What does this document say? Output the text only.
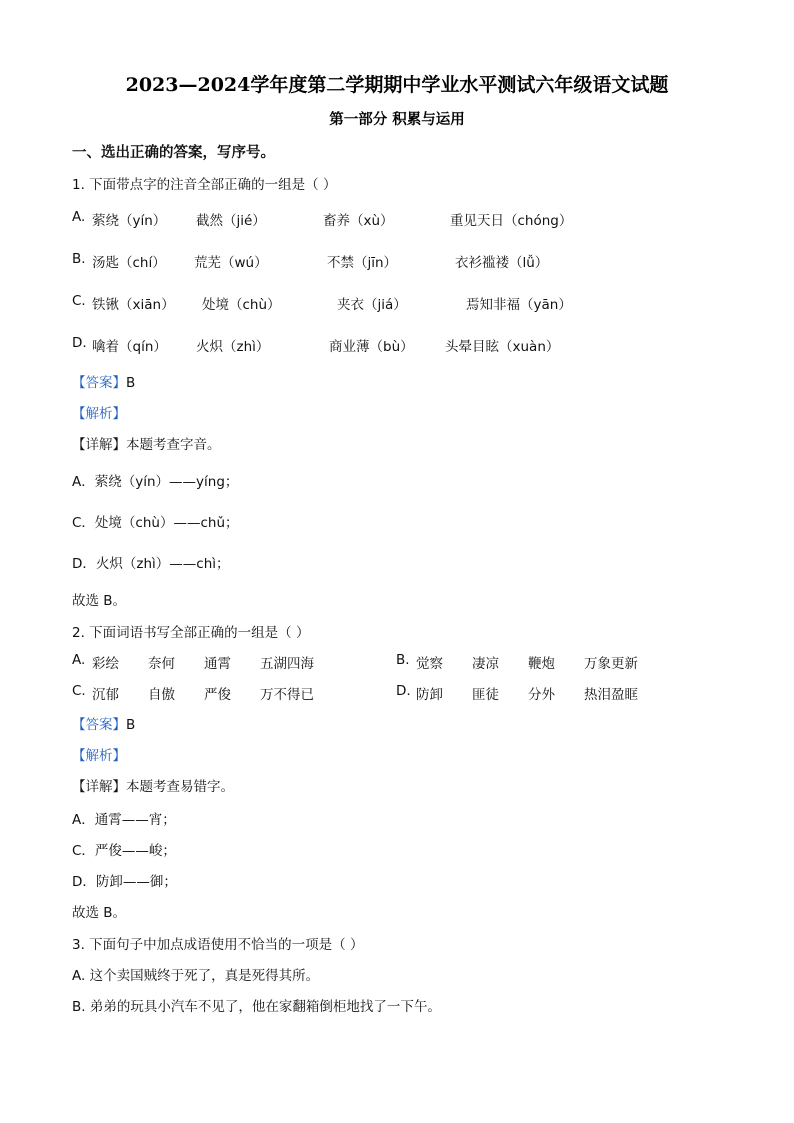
2023—2024学年度第二学期期中学业水平测试六年级语文试题
第一部分 积累与运用
一、选出正确的答案，写序号。
1. 下面带点字的注音全部正确的一组是（ ）
A. 萦绕（yín） 截然（jié）	畜养（xù）	重见天日（chóng）
B. 汤匙（chí） 荒芜（wú）	不禁（jīn）	衣衫褴褛（lǚ）
C. 铁锹（xiān） 处境（chù）	夹衣（jiá）	焉知非福（yān）
D. 噙着（qín） 火炽（zhì）	商业薄（bù） 头晕目眩（xuàn）
【答案】B
【解析】
【详解】本题考查字音。
A．萦绕（yín）——yíng；
C．处境（chù）——chǔ；
D．火炽（zhì）——chì；
故选 B。
2. 下面词语书写全部正确的一组是（ ）
A. 彩绘 奈何 通霄 五湖四海	B. 觉察 凄凉 鞭炮 万象更新
C. 沉郁 自傲 严俊 万不得已	D. 防卸 匪徒 分外 热泪盈眶
【答案】B
【解析】
【详解】本题考查易错字。
A．通霄——宵；
C．严俊——峻；
D．防卸——御；
故选 B。
3. 下面句子中加点成语使用不恰当的一项是（ ）
A. 这个卖国贼终于死了，真是死得其所。
B. 弟弟的玩具小汽车不见了，他在家翻箱倒柜地找了一下午。
